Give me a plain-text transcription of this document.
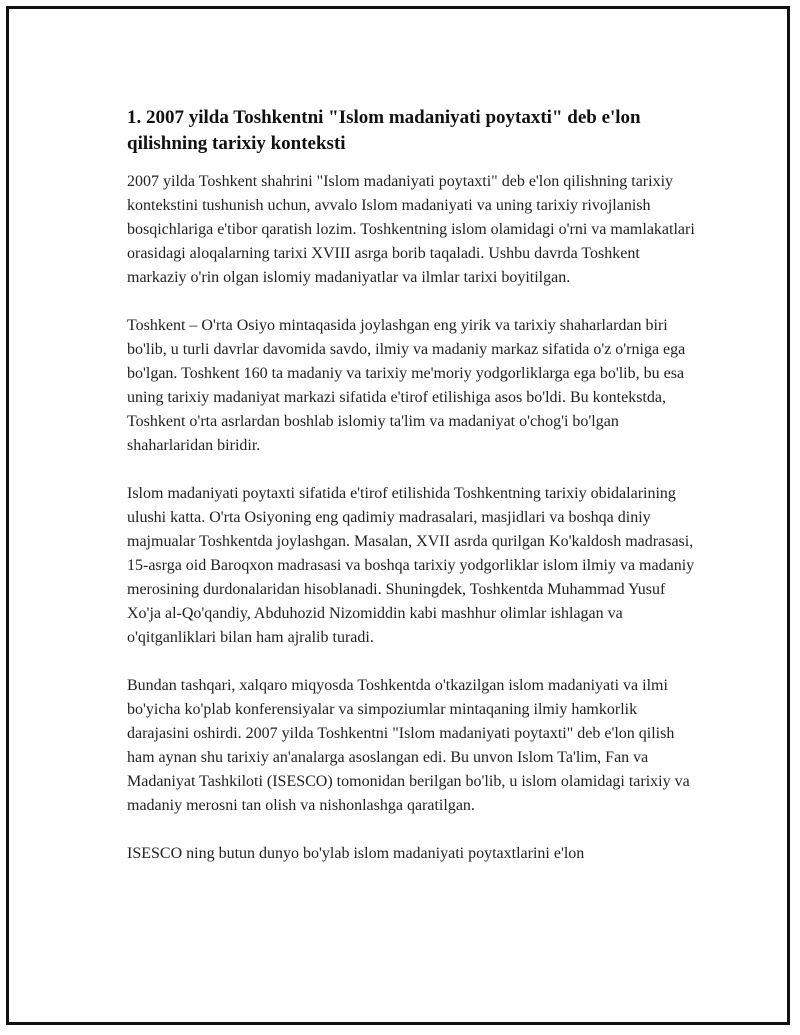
1. 2007 yilda Toshkentni "Islom madaniyati poytaxti" deb e'lon qilishning tarixiy konteksti

2007 yilda Toshkent shahrini "Islom madaniyati poytaxti" deb e'lon qilishning tarixiy kontekstini tushunish uchun, avvalo Islom madaniyati va uning tarixiy rivojlanish bosqichlariga e'tibor qaratish lozim. Toshkentning islom olamidagi o'rni va mamlakatlari orasidagi aloqalarning tarixi XVIII asrga borib taqaladi. Ushbu davrda Toshkent markaziy o'rin olgan islomiy madaniyatlar va ilmlar tarixi boyitilgan.

Toshkent – O'rta Osiyo mintaqasida joylashgan eng yirik va tarixiy shaharlardan biri bo'lib, u turli davrlar davomida savdo, ilmiy va madaniy markaz sifatida o'z o'rniga ega bo'lgan. Toshkent 160 ta madaniy va tarixiy me'moriy yodgorliklarga ega bo'lib, bu esa uning tarixiy madaniyat markazi sifatida e'tirof etilishiga asos bo'ldi. Bu kontekstda, Toshkent o'rta asrlardan boshlab islomiy ta'lim va madaniyat o'chog'i bo'lgan shaharlaridan biridir.

Islom madaniyati poytaxti sifatida e'tirof etilishida Toshkentning tarixiy obidalarining ulushi katta. O'rta Osiyoning eng qadimiy madrasalari, masjidlari va boshqa diniy majmualar Toshkentda joylashgan. Masalan, XVII asrda qurilgan Ko'kaldosh madrasasi, 15-asrga oid Baroqxon madrasasi va boshqa tarixiy yodgorliklar islom ilmiy va madaniy merosining durdonalaridan hisoblanadi. Shuningdek, Toshkentda Muhammad Yusuf Xo'ja al-Qo'qandiy, Abduhozid Nizomiddin kabi mashhur olimlar ishlagan va o'qitganliklari bilan ham ajralib turadi.

Bundan tashqari, xalqaro miqyosda Toshkentda o'tkazilgan islom madaniyati va ilmi bo'yicha ko'plab konferensiyalar va simpoziumlar mintaqaning ilmiy hamkorlik darajasini oshirdi. 2007 yilda Toshkentni "Islom madaniyati poytaxti" deb e'lon qilish ham aynan shu tarixiy an'analarga asoslangan edi. Bu unvon Islom Ta'lim, Fan va Madaniyat Tashkiloti (ISESCO) tomonidan berilgan bo'lib, u islom olamidagi tarixiy va madaniy merosni tan olish va nishonlashga qaratilgan.

ISESCO ning butun dunyo bo'ylab islom madaniyati poytaxtlarini e'lon
